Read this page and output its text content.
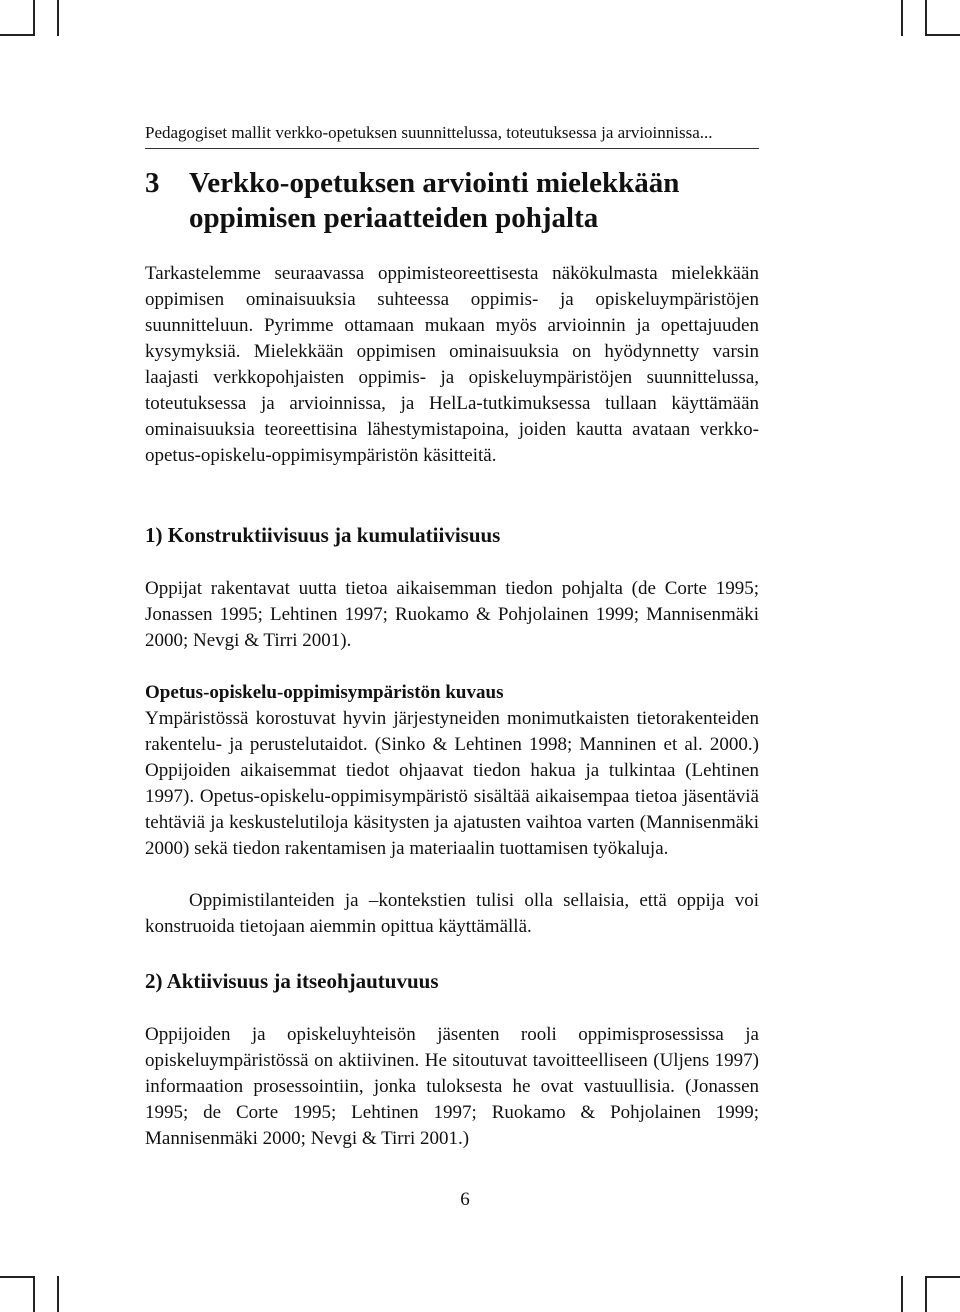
Pedagogiset mallit verkko-opetuksen suunnittelussa, toteutuksessa ja arvioinnissa...
3 Verkko-opetuksen arviointi mielekkään oppimisen periaatteiden pohjalta

Tarkastelemme seuraavassa oppimisteoreettisesta näkökulmasta mielekkään oppimisen ominaisuuksia suhteessa oppimis- ja opiskeluympäristöjen suunnitteluun. Pyrimme ottamaan mukaan myös arvioinnin ja opettajuuden kysymyksiä. Mielekkään oppimisen ominaisuuksia on hyödynnetty varsin laajasti verkkopohjaisten oppimis- ja opiskeluympäristöjen suunnittelussa, toteutuksessa ja arvioinnissa, ja HelLa-tutkimuksessa tullaan käyttämään ominaisuuksia teoreettisina lähestymistapoina, joiden kautta avataan verkko-opetus-opiskelu-oppimisympäristön käsitteitä.

1) Konstruktiivisuus ja kumulatiivisuus

Oppijat rakentavat uutta tietoa aikaisemman tiedon pohjalta (de Corte 1995; Jonassen 1995; Lehtinen 1997; Ruokamo & Pohjolainen 1999; Mannisenmäki 2000; Nevgi & Tirri 2001).

Opetus-opiskelu-oppimisympäristön kuvaus

Ympäristössä korostuvat hyvin järjestyneiden monimutkaisten tietorakenteiden rakentelu- ja perustelutaidot. (Sinko & Lehtinen 1998; Manninen et al. 2000.) Oppijoiden aikaisemmat tiedot ohjaavat tiedon hakua ja tulkintaa (Lehtinen 1997). Opetus-opiskelu-oppimisympäristö sisältää aikaisempaa tietoa jäsentäviä tehtäviä ja keskustelutiloja käsitysten ja ajatusten vaihtoa varten (Mannisenmäki 2000) sekä tiedon rakentamisen ja materiaalin tuottamisen työkaluja.

Oppimistilanteiden ja –kontekstien tulisi olla sellaisia, että oppija voi konstruoida tietojaan aiemmin opittua käyttämällä.

2) Aktiivisuus ja itseohjautuvuus

Oppijoiden ja opiskeluyhteisön jäsenten rooli oppimisprosessissa ja opiskeluympäristössä on aktiivinen. He sitoutuvat tavoitteelliseen (Uljens 1997) informaation prosessointiin, jonka tuloksesta he ovat vastuullisia. (Jonassen 1995; de Corte 1995; Lehtinen 1997; Ruokamo & Pohjolainen 1999; Mannisenmäki 2000; Nevgi & Tirri 2001.)

6
